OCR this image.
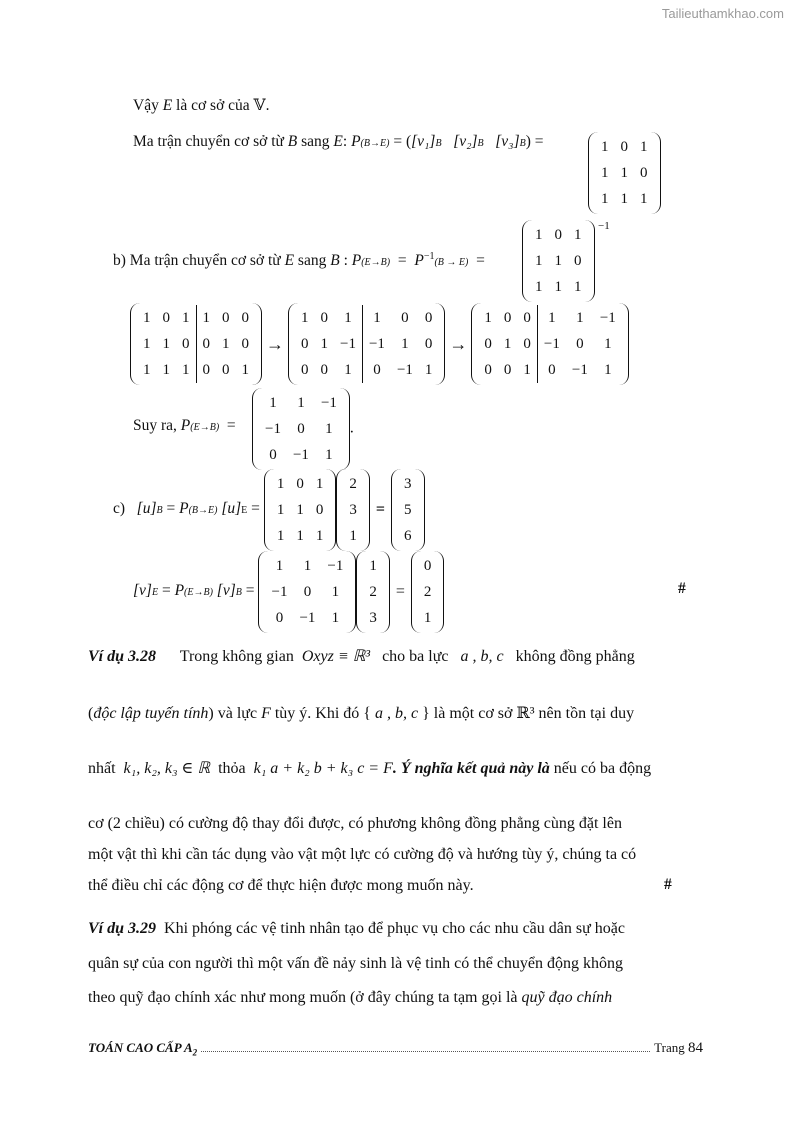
Tailieuthamkhao.com
Vậy E là cơ sở của 𝕍.
Ma trận chuyển cơ sở từ B sang E: P(B→E) = ([v₁]B [v₂]B [v₃]B) =	1	0	1
1	1	0
1	1	1
b) Ma trận chuyển cơ sở từ E sang B : $P(E\to B) = P^{-1}(B \to E)$  =
1	0	1
1	1	0
1	1	1
−1
1	0	1	1	0	0
1	1	0	0	1	0
1	1	1	0	0	1
→
1	0	1	1	0	0
0	1	−1	−1	1	0
0	0	1	0	−1	1
→
1	0	0	1	1	−1
0	1	0	−1	0	1
0	0	1	0	−1	1
Suy ra, P(E→B) =
1	1	−1
−1	0	1
0	−1	1
.
c) [u]B = P(B→E) [u]E =
1	0	1
1	1	0
1	1	1
2
3
1
=
3
5
6
[v]E = P(E→B) [v]B =
1	1	−1
−1	0	1
0	−1	1
1
2
3
=
0
2
1
#
Ví dụ 3.28 Trong không gian Oxyz ≡ ℝ³ cho ba lực a , b, c không đồng phẳng
(độc lập tuyến tính) và lực F tùy ý. Khi đó { a , b, c } là một cơ sở ℝ³ nên tồn tại duy
nhất k₁, k₂, k₃ ∈ ℝ thỏa k₁ a + k₂ b + k₃ c = F. Ý nghĩa kết quả này là nếu có ba động
cơ (2 chiều) có cường độ thay đổi được, có phương không đồng phẳng cùng đặt lên
một vật thì khi cần tác dụng vào vật một lực có cường độ và hướng tùy ý, chúng ta có
thể điều chỉ các động cơ để thực hiện được mong muốn này.	#
Ví dụ 3.29 Khi phóng các vệ tinh nhân tạo để phục vụ cho các nhu cầu dân sự hoặc
quân sự của con người thì một vấn đề nảy sinh là vệ tinh có thể chuyển động không
theo quỹ đạo chính xác như mong muốn (ở đây chúng ta tạm gọi là quỹ đạo chính
TOÁN CAO CẤP $A_2$	Trang
84
